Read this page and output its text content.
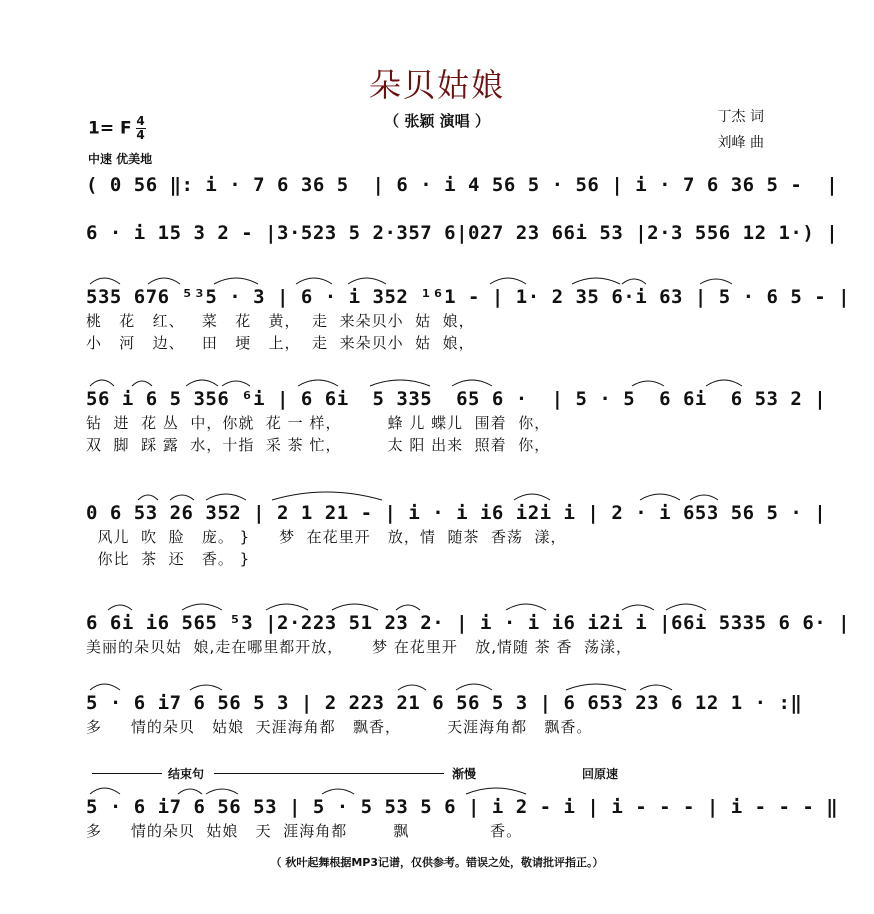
朵贝姑娘
（ 张颖 演唱 ）	丁杰 词
刘峰 曲
1= F $\frac{4}{4}$
中速 优美地
( 0 56 ‖: i · 7 6 36 5  | 6 · i 4 56 5 · 56 | i · 7 6 36 5 -  |
6 · i 15 3 2 - |3·523 5 2·357 6|027 23 66i 53 |2·3 556 12 1·) |
535 676 ⁵³5 · 3 | 6 · i 352 ¹⁶1 - | 1· 2 35 6·i 63 | 5 · 6 5 - |
桃   花   红、   菜   花   黄，  走  来朵贝小  姑  娘，
小   河   边、   田   埂   上，  走  来朵贝小  姑  娘，
56 i 6 5 356 ⁶i | 6 6i  5 335  65 6 ·  | 5 · 5  6 6i  6 53 2 |
钻  进  花 丛  中，你就  花 一 样，        蜂 儿 蝶儿  围着  你，
双  脚  踩 露  水，十指  采 茶 忙，        太 阳 出来  照着  你，
0 6 53 26 352 | 2 1 21 - | i · i i6 i2i i | 2 · i 653 56 5 · |
风儿  吹  脸   庞。 }     梦  在花里开   放，情  随茶  香荡  漾，
你比  茶  还   香。 }
6 6i i6 565 ⁵3 |2·223 51 23 2· | i · i i6 i2i i |66i 5335 6 6· |
美丽的朵贝姑  娘,走在哪里都开放，     梦 在花里开   放,情随 茶 香  荡漾，
5 · 6 i7 6 56 5 3 | 2 223 21 6 56 5 3 | 6 653 23 6 12 1 · :‖
多     情的朵贝   姑娘  天涯海角都   飘香，        天涯海角都   飘香。
结束句	渐慢	回原速
5 · 6 i7 6 56 53 | 5 · 5 53 5 6 | i 2 - i | i - - - | i - - - ‖
多     情的朵贝  姑娘   天  涯海角都        飘              香。
（ 秋叶起舞根据MP3记谱，仅供参考。错误之处，敬请批评指正。）
